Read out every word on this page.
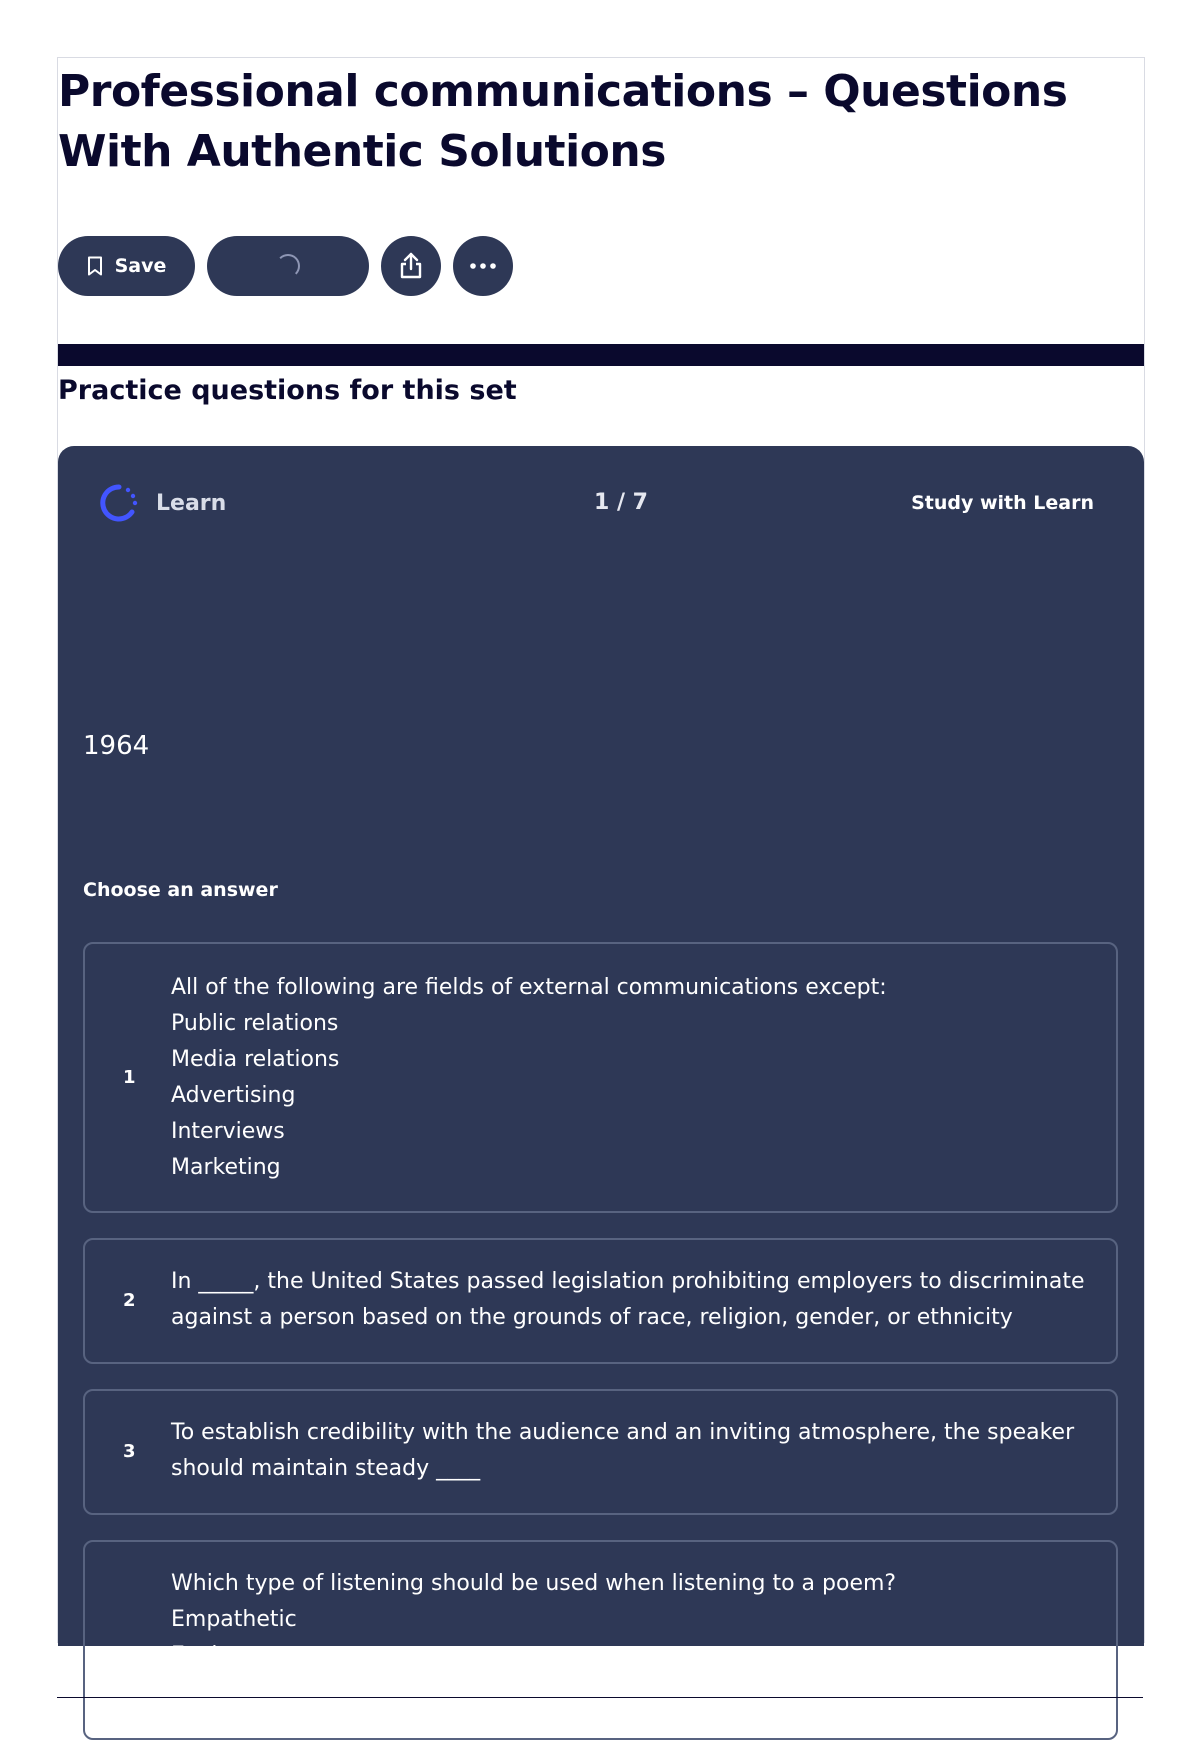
Professional communications – Questions With Authentic Solutions
Save
Practice questions for this set
Learn	1 / 7	Study with Learn
1964
Choose an answer
1
All of the following are fields of external communications except:
Public relations
Media relations
Advertising
Interviews
Marketing
2
In _____, the United States passed legislation prohibiting employers to discriminate
against a person based on the grounds of race, religion, gender, or ethnicity
3
To establish credibility with the audience and an inviting atmosphere, the speaker
should maintain steady ____
4
Which type of listening should be used when listening to a poem?
Empathetic
Evaluate
